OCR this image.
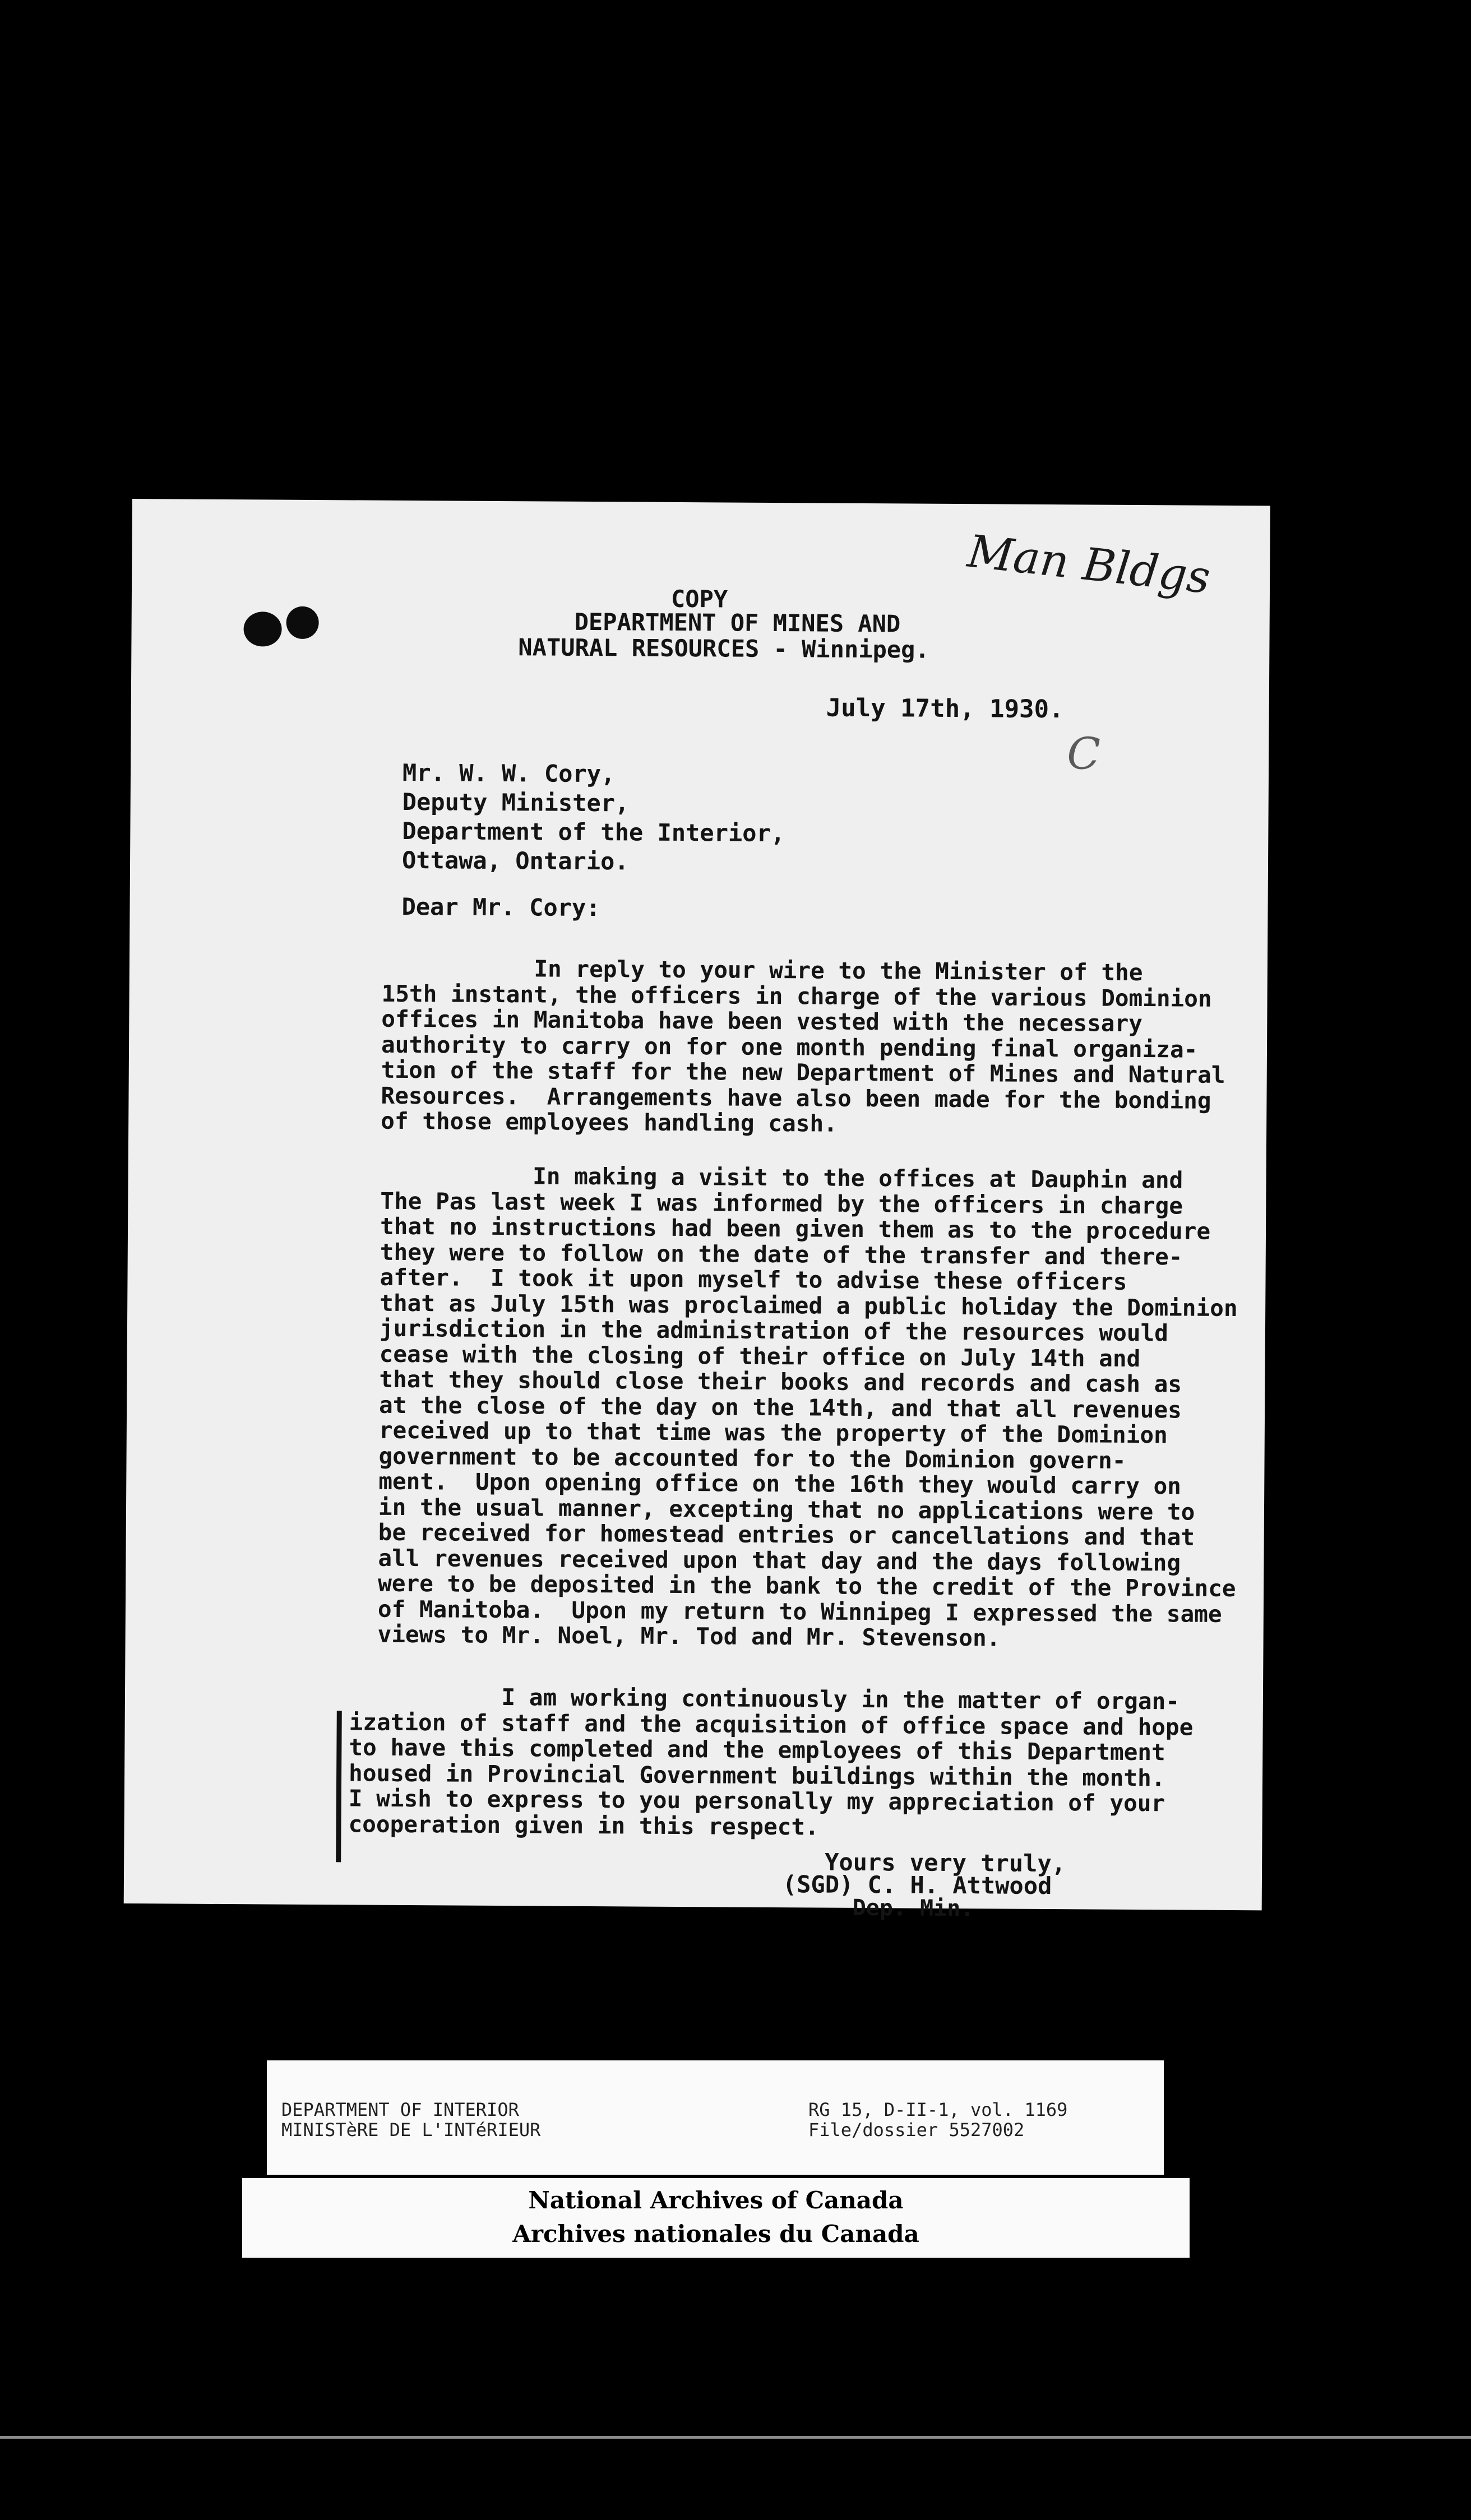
Man Bldgs
C

COPY

DEPARTMENT OF MINES AND

NATURAL RESOURCES - Winnipeg.

July 17th, 1930.

Mr. W. W. Cory,
Deputy Minister,
Department of the Interior,
Ottawa, Ontario.

Dear Mr. Cory:

In reply to your wire to the Minister of the
15th instant, the officers in charge of the various Dominion
offices in Manitoba have been vested with the necessary
authority to carry on for one month pending final organiza-
tion of the staff for the new Department of Mines and Natural
Resources.  Arrangements have also been made for the bonding
of those employees handling cash.

In making a visit to the offices at Dauphin and
The Pas last week I was informed by the officers in charge
that no instructions had been given them as to the procedure
they were to follow on the date of the transfer and there-
after.  I took it upon myself to advise these officers
that as July 15th was proclaimed a public holiday the Dominion
jurisdiction in the administration of the resources would
cease with the closing of their office on July 14th and
that they should close their books and records and cash as
at the close of the day on the 14th, and that all revenues
received up to that time was the property of the Dominion
government to be accounted for to the Dominion govern-
ment.  Upon opening office on the 16th they would carry on
in the usual manner, excepting that no applications were to
be received for homestead entries or cancellations and that
all revenues received upon that day and the days following
were to be deposited in the bank to the credit of the Province
of Manitoba.  Upon my return to Winnipeg I expressed the same
views to Mr. Noel, Mr. Tod and Mr. Stevenson.

I am working continuously in the matter of organ-
ization of staff and the acquisition of office space and hope
to have this completed and the employees of this Department
housed in Provincial Government buildings within the month.
I wish to express to you personally my appreciation of your
cooperation given in this respect.

Yours very truly,

(SGD) C. H. Attwood

Dep. Min.

DEPARTMENT OF INTERIOR
MINISTèRE DE L'INTéRIEUR
RG 15, D-II-1, vol. 1169
File/dossier 5527002
National Archives of Canada
Archives nationales du Canada
